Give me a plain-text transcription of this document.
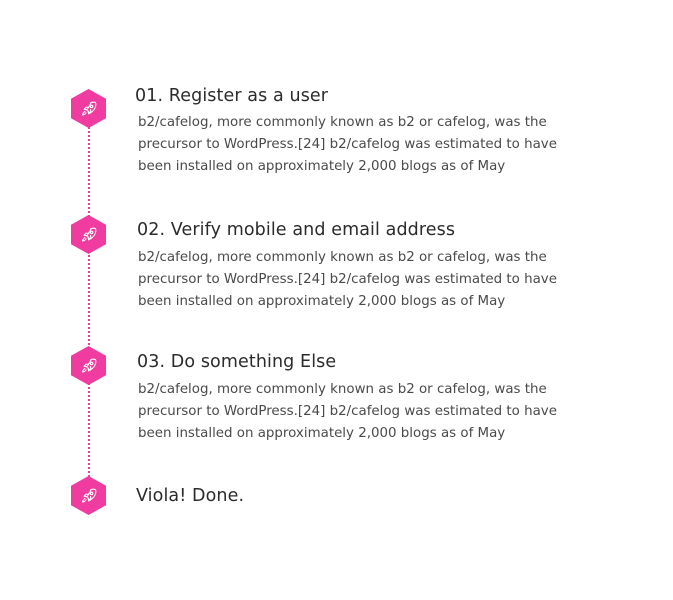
01. Register as a user

b2/cafelog, more commonly known as b2 or cafelog, was the precursor to WordPress.[24] b2/cafelog was estimated to have been installed on approximately 2,000 blogs as of May

02. Verify mobile and email address

b2/cafelog, more commonly known as b2 or cafelog, was the precursor to WordPress.[24] b2/cafelog was estimated to have been installed on approximately 2,000 blogs as of May

03. Do something Else

b2/cafelog, more commonly known as b2 or cafelog, was the precursor to WordPress.[24] b2/cafelog was estimated to have been installed on approximately 2,000 blogs as of May

Viola! Done.
